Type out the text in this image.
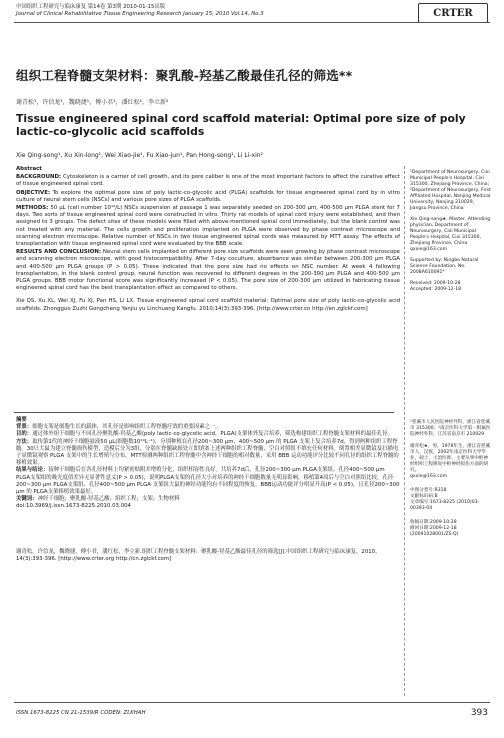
中国组织工程研究与临床康复 第14卷 第3期 2010-01-15出版
Journal of Clinical Rehabilitative Tissue Engineering Research January 15, 2010 Vol.14, No.3	CRTER
组织工程脊髓支架材料：聚乳酸-羟基乙酸最佳孔径的筛选**
谢青松¹，许信龙¹，魏晓捷¹，傅小君¹，潘红松¹，李立新²
Tissue engineered spinal cord scaffold material: Optimal pore size of poly lactic-co-glycolic acid scaffolds
Xie Qing-song¹, Xu Xin-long¹, Wei Xiao-jie¹, Fu Xiao-jun¹, Pan Hong-song¹, Li Li-xin²

Abstract

BACKGROUND: Cytoskeleton is a carrier of cell growth, and its pore caliber is one of the most important factors to affect the curative effect of tissue engineered spinal cord.

OBJECTIVE: To explore the optimal pore size of poly lactic-co-glycolic acid (PLGA) scaffolds for tissue engineered spinal cord by in vitro culture of neural stem cells (NSCs) and various pore sizes of PLGA scaffolds.

METHODS: 50 μL (cell number 10¹⁰/L) NSCs suspension at passage 1 was separately seeded on 200-300 μm, 400-500 μm PLGA stent for 7 days. Two sorts of tissue engineered spinal cord were constructed in vitro. Thirty rat models of spinal cord injury were established, and then assigned to 3 groups. The defect sites of these models were filled with above-mentioned spinal cord immediately, but the blank control was not treated with any material. The cells growth and proliferation implanted on PLGA were observed by phase contrast microscope and scanning electron microscope. Relative number of NSCs in two tissue engineered spinal cords was measured by MTT assay. The effects of transplantation with tissue engineered spinal cord were evaluated by the BBB scale.

RESULTS AND CONCLUSION: Neural stem cells implanted on different pore size scaffolds were seen growing by phase contrast microscope and scanning electron microscope, with good histocompatibility. After 7-day coculture, absorbance was similar between 200-300 μm PLGA and 400-500 μm PLGA groups (P > 0.05). These indicated that the pore size had no effects on NSC number. At week 4 following transplantation, in the blank control group, neural function was recovered to different degrees in the 200-300 μm PLGA and 400-500 μm PLGA groups. BBB motor functional score was significantly increased (P < 0.05). The pore size of 200-300 μm utilized in fabricating tissue engineered spinal cord has the best transplantation effect as compared to others.

Xie QS, Xu XL, Wei XJ, Fu XJ, Pan HS, Li LX. Tissue engineered spinal cord scaffold material: Optimal pore size of poly lactic-co-glycolic acid scaffolds. Zhongguo Zuzhi Gongcheng Yanjiu yu Linchuang Kangfu. 2010;14(3):393-396. [http://www.crter.cn http://en.zglckf.com]

¹Department of Neurosurgery, Cixi Municipal People's Hospital, Cixi 315300, Zhejiang Province, China; ²Department of Neurosurgery, First Affiliated Hospital, Nanjing Medical University, Nanjing 210029, Jiangsu Province, China
Xie Qing-song★, Master, Attending physician, Department of Neurosurgery, Cixi Municipal People's Hospital, Cixi 315300, Zhejiang Province, China qxxie@163.com
Supported by: Ningbo Natural Science Foundation, No. 2008A610091*
Received: 2009-10-28
Accepted: 2009-12-18

摘要

背景：细胞支架是细胞生长的载体，其孔径是影响组织工程脊髓疗效的重要因素之一。

目的：通过体外组干细胞与不同孔径聚乳酸-羟基乙酸(poly lactic-co-glycolic acid，PLGA)支架体外复合培养，筛选构建组织工程脊髓支架材料的最佳孔径。

方法：取传第1代的神经干细胞悬液50 μL(细胞数10¹⁰L⁻¹)，分别种植在孔径200~300 μm，400~500 μm 的 PLGA 支架上复合培养7d，得到两种组织工程脊髓。30只大鼠为建立脊髓损伤模型，造模后分为3组，分别在脊髓缺损处立即填塞上述两种组织工程脊髓，空白对照组不填充任何材料。倒置相差显微镜及扫描电子显微镜观察 PLGA 支架中的生长增殖与分布，MTT检测两种组织工程脊髓中含神经干细胞的相对数量，采用 BBB 运动功能评分比较不同孔径的组织工程脊髓的移植效果。

结果与结论：接种干细胞后在各孔径材料上均紧密贴附并增殖分化，组织相容性良好。共培养7d后，孔径200~300 μm PLGA支架组、孔径400~500 μm PLGA支架组的吸光度值差异无显著性意义(P > 0.05)，说明PLGA支架的孔径大小对培养的神经干细胞数量无明显影响。移植第4周后与空白对照组比较，孔径200~300 μm PLGA支架组、孔径400~500 μm PLGA 支架组大鼠的神经功能均有不同程度的恢复，BBB运动功能评分明显升高(P < 0.05)，且孔径200~300 μm 的 PLGA支架移植效果最好。

关键词：神经干细胞；聚乳酸-羟基乙酸；组织工程；支架；生物材料

doi:10.3969/j.issn.1673-8225.2010.03.004

谢青松，许信龙，魏晓捷，傅小君，潘红松，李立新.组织工程脊髓支架材料：聚乳酸-羟基乙酸最佳孔径的筛选[J].中国组织工程研究与临床康复，2010，14(3):393-396. [http://www.crter.org http://cn.zglckf.com]
¹慈溪市人民医院神经外科，浙江省慈溪市 315300；²南京医科大学第一附属医院神经外科，江苏省南京市 210029
谢青松★，男，1978年生，浙江省慈溪市人，汉族，2002年南京医科大学毕业，硕士，主治医师，主要从事中枢神经组织工程修复中枢神经损伤方面的研究。
qxxie@163.com
中图分类号:R318
文献标识码:B
文章编号:1673-8225 (2010)03-00393-04
收稿日期:2009-10-28
修回日期:2009-12-18
(20091028001/ZS·Q)
ISSN 1673-8225 CN 21-1539/R CODEN: ZLKHAH	393
